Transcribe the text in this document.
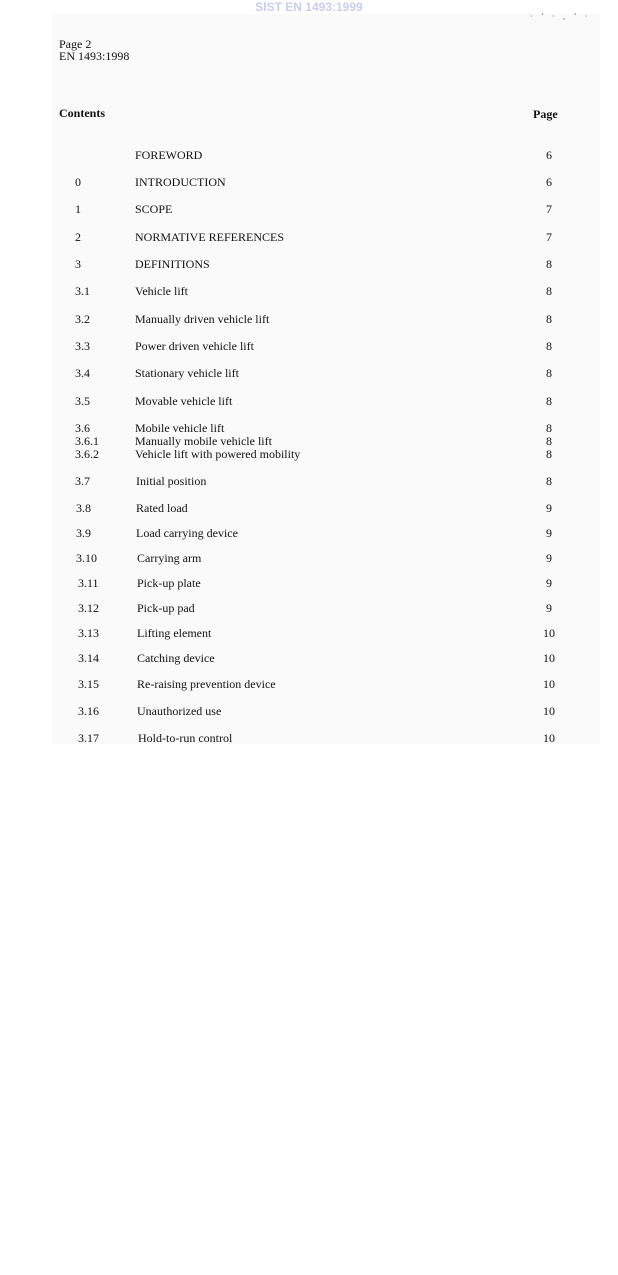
SIST EN 1493:1999
· ' · , ' ·
Page 2
EN 1493:1998
Contents	Page
FOREWORD	6
0	INTRODUCTION	6
1	SCOPE	7
2	NORMATIVE REFERENCES	7
3	DEFINITIONS	8
3.1	Vehicle lift	8
3.2	Manually driven vehicle lift	8
3.3	Power driven vehicle lift	8
3.4	Stationary vehicle lift	8
3.5	Movable vehicle lift	8
3.6	Mobile vehicle lift	8
3.6.1	Manually mobile vehicle lift	8
3.6.2	Vehicle lift with powered mobility	8
3.7	Initial position	8
3.8	Rated load	9
3.9	Load carrying device	9
3.10	Carrying arm	9
3.11	Pick-up plate	9
3.12	Pick-up pad	9
3.13	Lifting element	10
3.14	Catching device	10
3.15	Re-raising prevention device	10
3.16	Unauthorized use	10
3.17	Hold-to-run control	10
